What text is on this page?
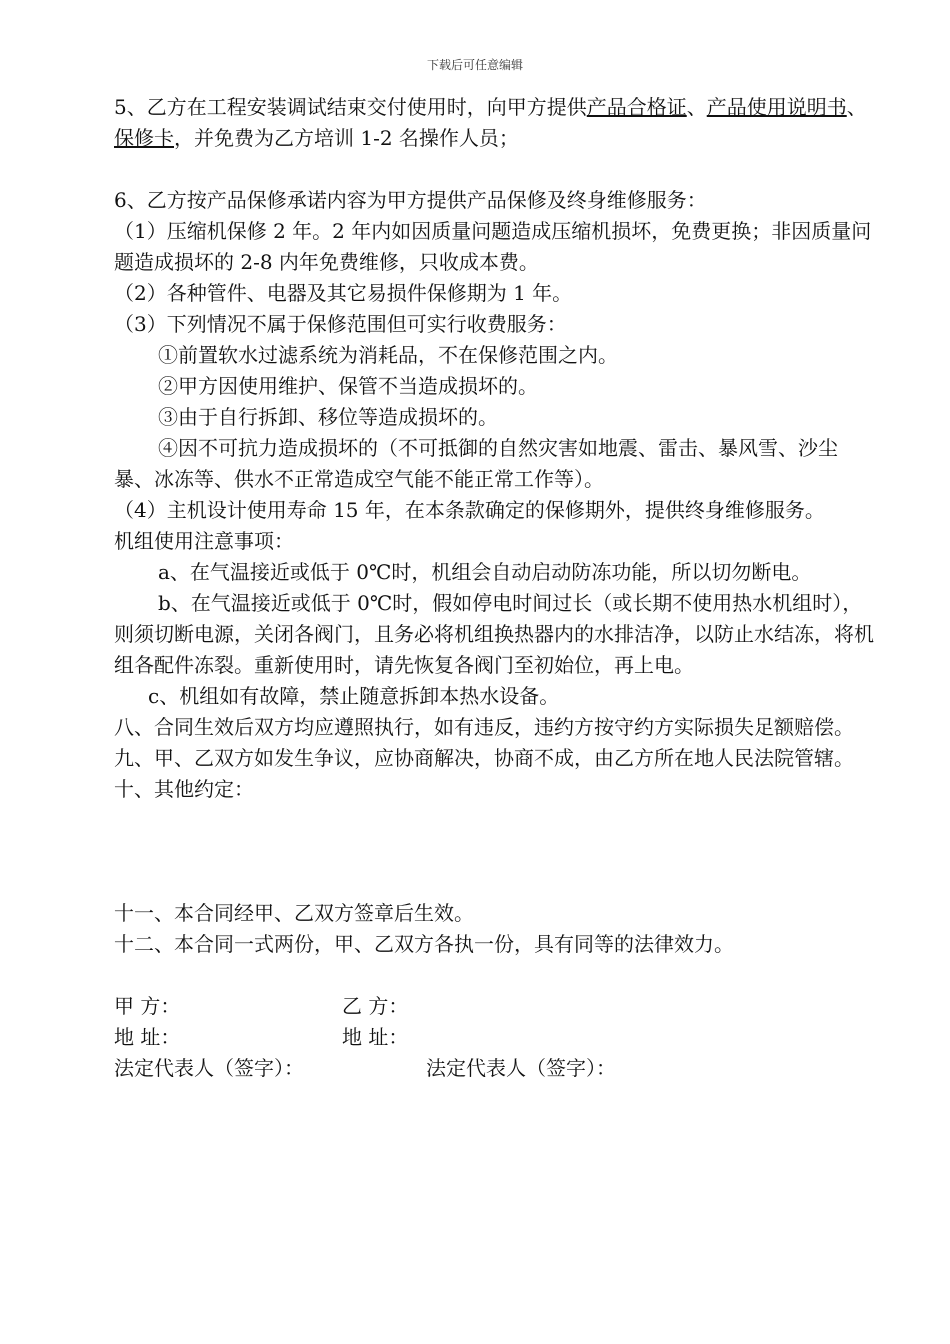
下载后可任意编辑

5、乙方在工程安装调试结束交付使用时，向甲方提供产品合格证、产品使用说明书、保修卡，并免费为乙方培训 1-2 名操作人员；

6、乙方按产品保修承诺内容为甲方提供产品保修及终身维修服务：

（1）压缩机保修 2 年。2 年内如因质量问题造成压缩机损坏，免费更换；非因质量问题造成损坏的 2-8 内年免费维修，只收成本费。

（2）各种管件、电器及其它易损件保修期为 1 年。

（3）下列情况不属于保修范围但可实行收费服务：

①前置软水过滤系统为消耗品，不在保修范围之内。

②甲方因使用维护、保管不当造成损坏的。

③由于自行拆卸、移位等造成损坏的。

④因不可抗力造成损坏的（不可抵御的自然灾害如地震、雷击、暴风雪、沙尘暴、冰冻等、供水不正常造成空气能不能正常工作等）。

（4）主机设计使用寿命 15 年，在本条款确定的保修期外，提供终身维修服务。

机组使用注意事项：

a、在气温接近或低于 0℃时，机组会自动启动防冻功能，所以切勿断电。

b、在气温接近或低于 0℃时，假如停电时间过长（或长期不使用热水机组时），则须切断电源，关闭各阀门，且务必将机组换热器内的水排洁净，以防止水结冻，将机组各配件冻裂。重新使用时，请先恢复各阀门至初始位，再上电。

c、机组如有故障，禁止随意拆卸本热水设备。

八、合同生效后双方均应遵照执行，如有违反，违约方按守约方实际损失足额赔偿。

九、甲、乙双方如发生争议，应协商解决，协商不成，由乙方所在地人民法院管辖。

十、其他约定：

十一、本合同经甲、乙双方签章后生效。

十二、本合同一式两份，甲、乙双方各执一份，具有同等的法律效力。

甲 方：	乙 方：
地 址：	地 址：
法定代表人（签字）：	法定代表人（签字）：
